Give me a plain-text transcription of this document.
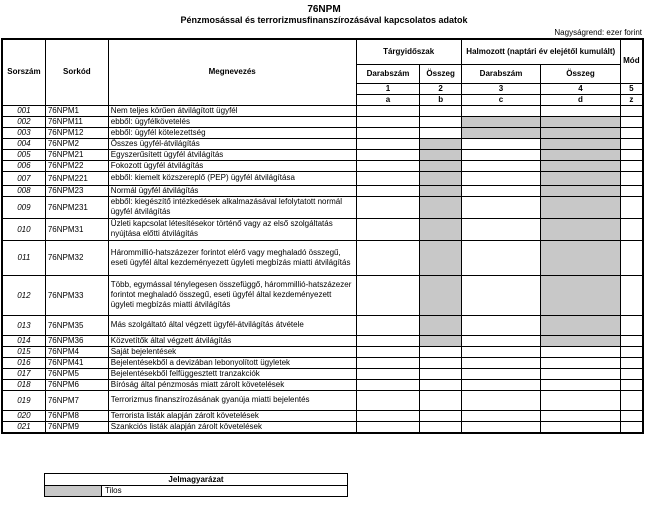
76NPM
Pénzmosással és terrorizmusfinanszírozásával kapcsolatos adatok
Nagyságrend: ezer forint
Sorszám	Sorkód	Megnevezés	Tárgyidőszak		Halmozott (naptári év elejétől kumulált)		Mód
			Darabszám	Összeg	Darabszám	Összeg	
			1	2	3	4	5
			a	b	c	d	z
001	76NPM1	Nem teljes körűen átvilágított ügyfél					
002	76NPM11	ebből: ügyfélkövetelés					
003	76NPM12	ebből: ügyfél kötelezettség					
004	76NPM2	Összes ügyfél-átvilágítás					
005	76NPM21	Egyszerűsített ügyfél átvilágítás					
006	76NPM22	Fokozott ügyfél átvilágítás					
007	76NPM221	ebből: kiemelt közszereplő (PEP) ügyfél átvilágítása					
008	76NPM23	Normál ügyfél átvilágítás					
009	76NPM231	ebből: kiegészítő intézkedések alkalmazásával lefolytatott normál ügyfél átvilágítás					
010	76NPM31	Üzleti kapcsolat létesítésekor történő vagy az első szolgáltatás nyújtása előtti átvilágítás					
011	76NPM32	Hárommillió-hatszázezer forintot elérő vagy meghaladó összegű, eseti ügyfél által kezdeményezett ügyleti megbízás miatti átvilágítás					
012	76NPM33	Több, egymással ténylegesen összefüggő, hárommillió-hatszázezer forintot meghaladó összegű, eseti ügyfél által kezdeményezett ügyleti megbízás miatti átvilágítás					
013	76NPM35	Más szolgáltató által végzett ügyfél-átvilágítás átvétele					
014	76NPM36	Közvetítők által végzett átvilágítás					
015	76NPM4	Saját bejelentések					
016	76NPM41	Bejelentésekből a devizában lebonyolított ügyletek					
017	76NPM5	Bejelentésekből felfüggesztett tranzakciók					
018	76NPM6	Bíróság által pénzmosás miatt zárolt követelések					
019	76NPM7	Terrorizmus finanszírozásának gyanúja miatti bejelentés					
020	76NPM8	Terrorista listák alapján zárolt követelések					
021	76NPM9	Szankciós listák alapján zárolt követelések					
Jelmagyarázat
Tilos
